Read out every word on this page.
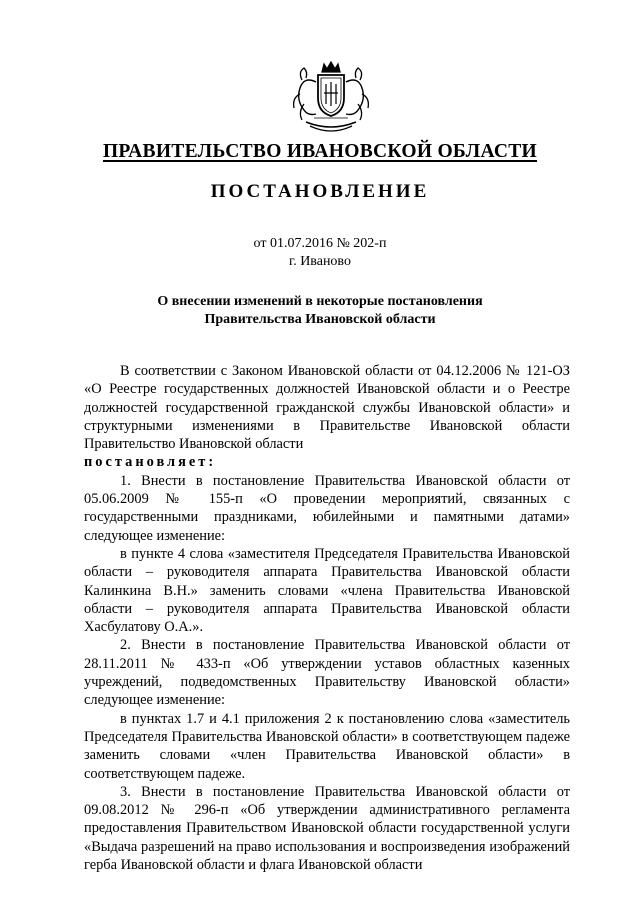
ПРАВИТЕЛЬСТВО ИВАНОВСКОЙ ОБЛАСТИ
ПОСТАНОВЛЕНИЕ
от 01.07.2016 № 202-п
г. Иваново
О внесении изменений в некоторые постановления
Правительства Ивановской области

В соответствии с Законом Ивановской области от 04.12.2006 № 121-ОЗ «О Реестре государственных должностей Ивановской области и о Реестре должностей государственной гражданской службы Ивановской области» и структурными изменениями в Правительстве Ивановской области Правительство Ивановской области

постановляет:

1. Внести в постановление Правительства Ивановской области от 05.06.2009 № 155-п «О проведении мероприятий, связанных с государственными праздниками, юбилейными и памятными датами» следующее изменение:

в пункте 4 слова «заместителя Председателя Правительства Ивановской области – руководителя аппарата Правительства Ивановской области Калинкина В.Н.» заменить словами «члена Правительства Ивановской области – руководителя аппарата Правительства Ивановской области Хасбулатову О.А.».

2. Внести в постановление Правительства Ивановской области от 28.11.2011 № 433-п «Об утверждении уставов областных казенных учреждений, подведомственных Правительству Ивановской области» следующее изменение:

в пунктах 1.7 и 4.1 приложения 2 к постановлению слова «заместитель Председателя Правительства Ивановской области» в соответствующем падеже заменить словами «член Правительства Ивановской области» в соответствующем падеже.

3. Внести в постановление Правительства Ивановской области от 09.08.2012 № 296-п «Об утверждении административного регламента предоставления Правительством Ивановской области государственной услуги «Выдача разрешений на право использования и воспроизведения изображений герба Ивановской области и флага Ивановской области
